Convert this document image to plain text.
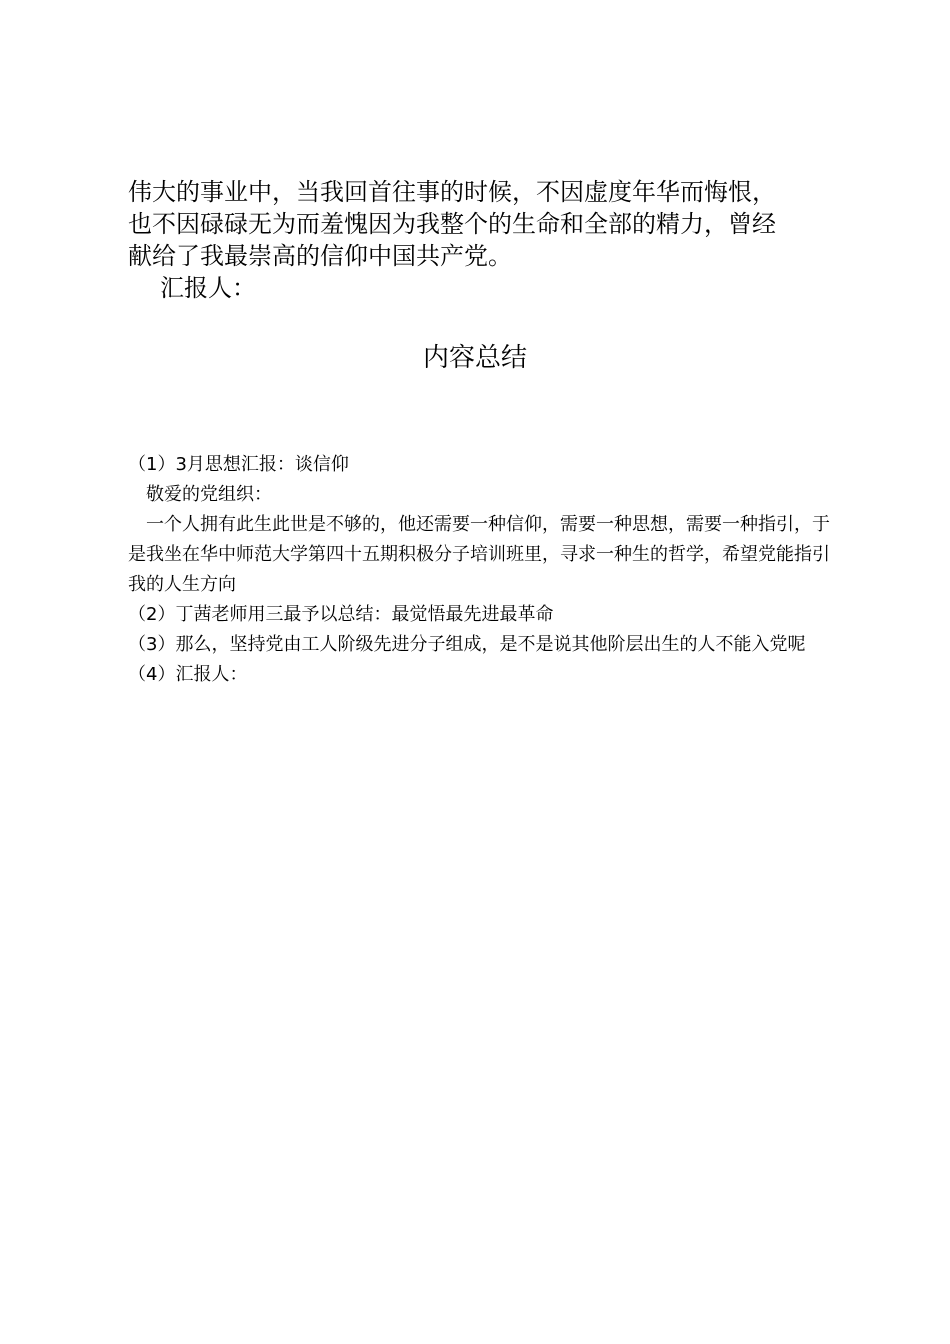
伟大的事业中，当我回首往事的时候，不因虚度年华而悔恨，

也不因碌碌无为而羞愧因为我整个的生命和全部的精力，曾经

献给了我最崇高的信仰中国共产党。

汇报人：

内容总结

（1）3月思想汇报：谈信仰

敬爱的党组织：

一个人拥有此生此世是不够的，他还需要一种信仰，需要一种思想，需要一种指引，于是我坐在华中师范大学第四十五期积极分子培训班里，寻求一种生的哲学，希望党能指引我的人生方向

（2）丁茜老师用三最予以总结：最觉悟最先进最革命

（3）那么，坚持党由工人阶级先进分子组成，是不是说其他阶层出生的人不能入党呢

（4）汇报人：
